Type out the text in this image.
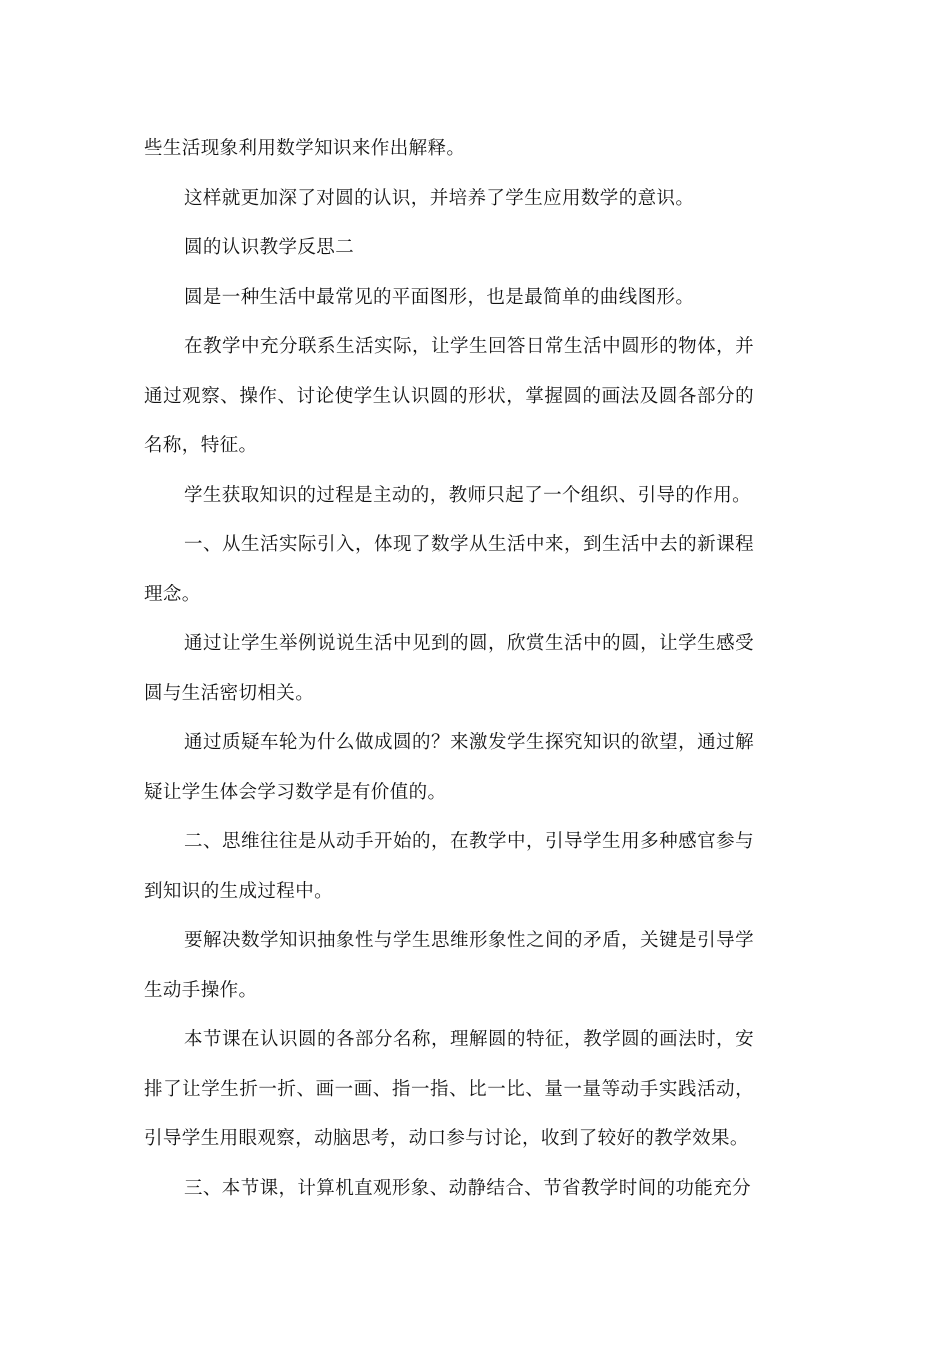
些生活现象利用数学知识来作出解释。

这样就更加深了对圆的认识，并培养了学生应用数学的意识。

圆的认识教学反思二

圆是一种生活中最常见的平面图形，也是最简单的曲线图形。

在教学中充分联系生活实际，让学生回答日常生活中圆形的物体，并通过观察、操作、讨论使学生认识圆的形状，掌握圆的画法及圆各部分的名称，特征。

学生获取知识的过程是主动的，教师只起了一个组织、引导的作用。

一、从生活实际引入，体现了数学从生活中来，到生活中去的新课程理念。

通过让学生举例说说生活中见到的圆，欣赏生活中的圆，让学生感受圆与生活密切相关。

通过质疑车轮为什么做成圆的？来激发学生探究知识的欲望，通过解疑让学生体会学习数学是有价值的。

二、思维往往是从动手开始的，在教学中，引导学生用多种感官参与到知识的生成过程中。

要解决数学知识抽象性与学生思维形象性之间的矛盾，关键是引导学生动手操作。

本节课在认识圆的各部分名称，理解圆的特征，教学圆的画法时，安排了让学生折一折、画一画、指一指、比一比、量一量等动手实践活动，引导学生用眼观察，动脑思考，动口参与讨论，收到了较好的教学效果。

三、本节课，计算机直观形象、动静结合、节省教学时间的功能充分
